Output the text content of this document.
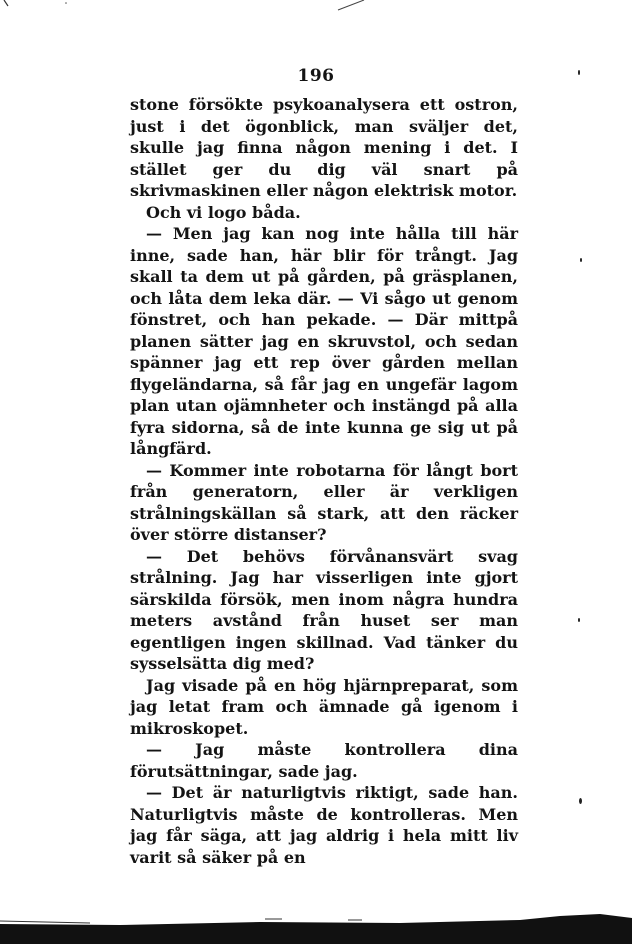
196

stone försökte psykoanalysera ett ostron, just i det ögonblick, man sväljer det, skulle jag finna någon mening i det. I stället ger du dig väl snart på skrivmaskinen eller någon elektrisk motor.

Och vi logo båda.

— Men jag kan nog inte hålla till här inne, sade han, här blir för trångt. Jag skall ta dem ut på gården, på gräsplanen, och låta dem leka där. — Vi sågo ut genom fönstret, och han pekade. — Där mittpå planen sätter jag en skruvstol, och sedan spänner jag ett rep över gården mellan flygeländarna, så får jag en ungefär lagom plan utan ojämnheter och instängd på alla fyra sidorna, så de inte kunna ge sig ut på långfärd.

— Kommer inte robotarna för långt bort från generatorn, eller är verkligen strålningskällan så stark, att den räcker över större distanser?

— Det behövs förvånansvärt svag strålning. Jag har visserligen inte gjort särskilda försök, men inom några hundra meters avstånd från huset ser man egentligen ingen skillnad. Vad tänker du sysselsätta dig med?

Jag visade på en hög hjärnpreparat, som jag letat fram och ämnade gå igenom i mikroskopet.

— Jag måste kontrollera dina förutsättningar, sade jag.

— Det är naturligtvis riktigt, sade han. Naturligtvis måste de kontrolleras. Men jag får säga, att jag aldrig i hela mitt liv varit så säker på en
